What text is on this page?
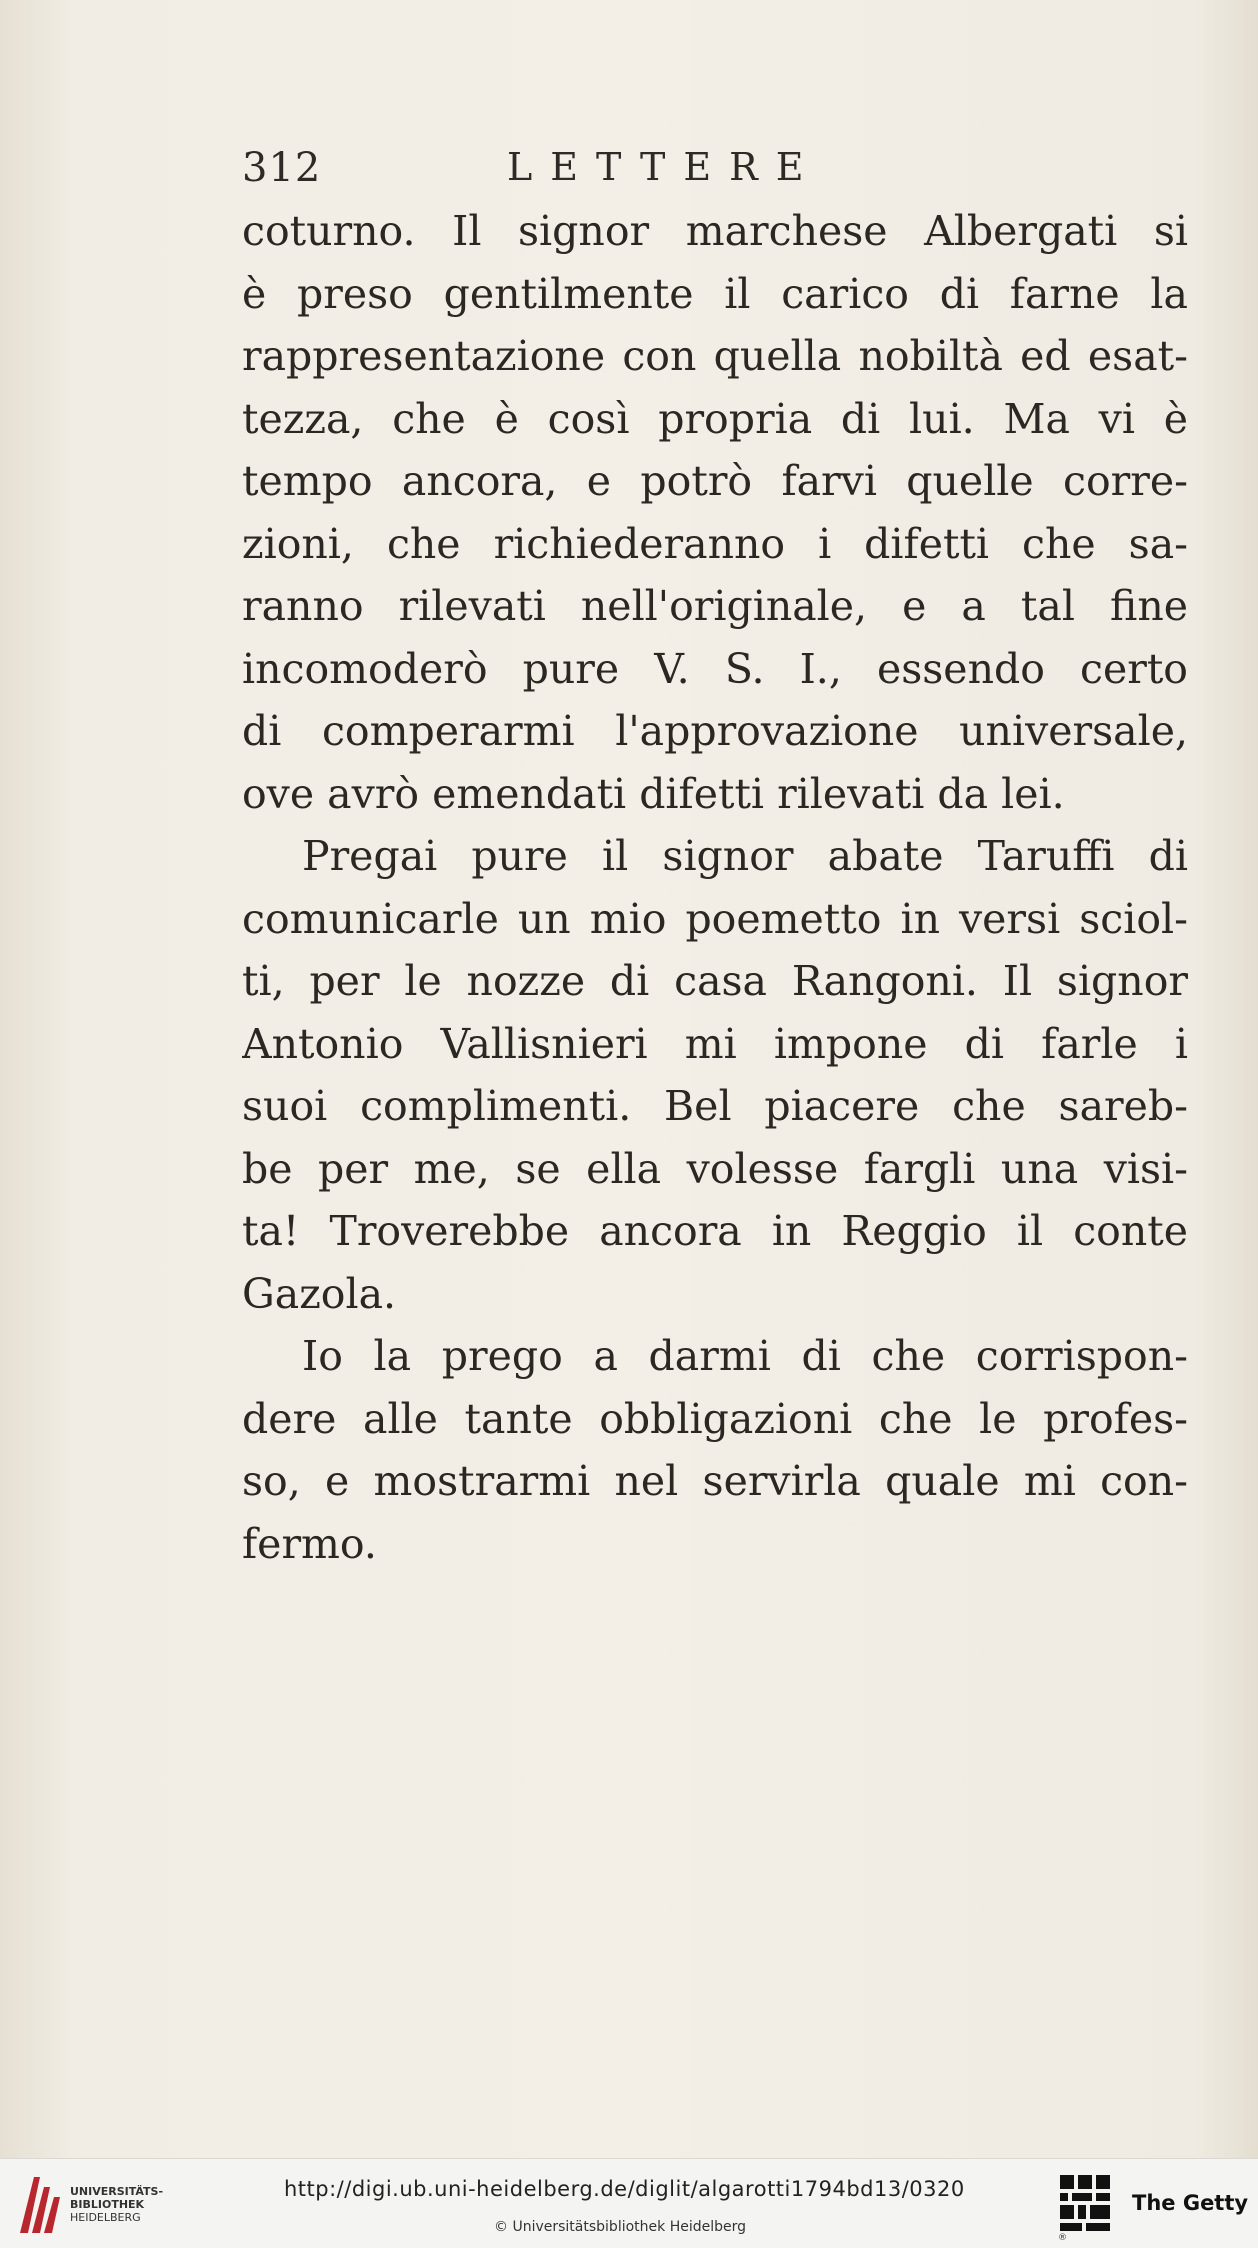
312	LETTERE
coturno. Il signor marchese Albergati si
è preso gentilmente il carico di farne la
rappresentazione con quella nobiltà ed esat-
tezza, che è così propria di lui. Ma vi è
tempo ancora, e potrò farvi quelle corre-
zioni, che richiederanno i difetti che sa-
ranno rilevati nell'originale, e a tal fine
incomoderò pure V. S. I., essendo certo
di comperarmi l'approvazione universale,
ove avrò emendati difetti rilevati da lei.
Pregai pure il signor abate Taruffi di
comunicarle un mio poemetto in versi sciol-
ti, per le nozze di casa Rangoni. Il signor
Antonio Vallisnieri mi impone di farle i
suoi complimenti. Bel piacere che sareb-
be per me, se ella volesse fargli una visi-
ta! Troverebbe ancora in Reggio il conte
Gazola.
Io la prego a darmi di che corrispon-
dere alle tante obbligazioni che le profes-
so, e mostrarmi nel servirla quale mi con-
fermo.
UNIVERSITÄTS-
BIBLIOTHEK
HEIDELBERG
http://digi.ub.uni-heidelberg.de/diglit/algarotti1794bd13/0320
© Universitätsbibliothek Heidelberg
®
The Getty
